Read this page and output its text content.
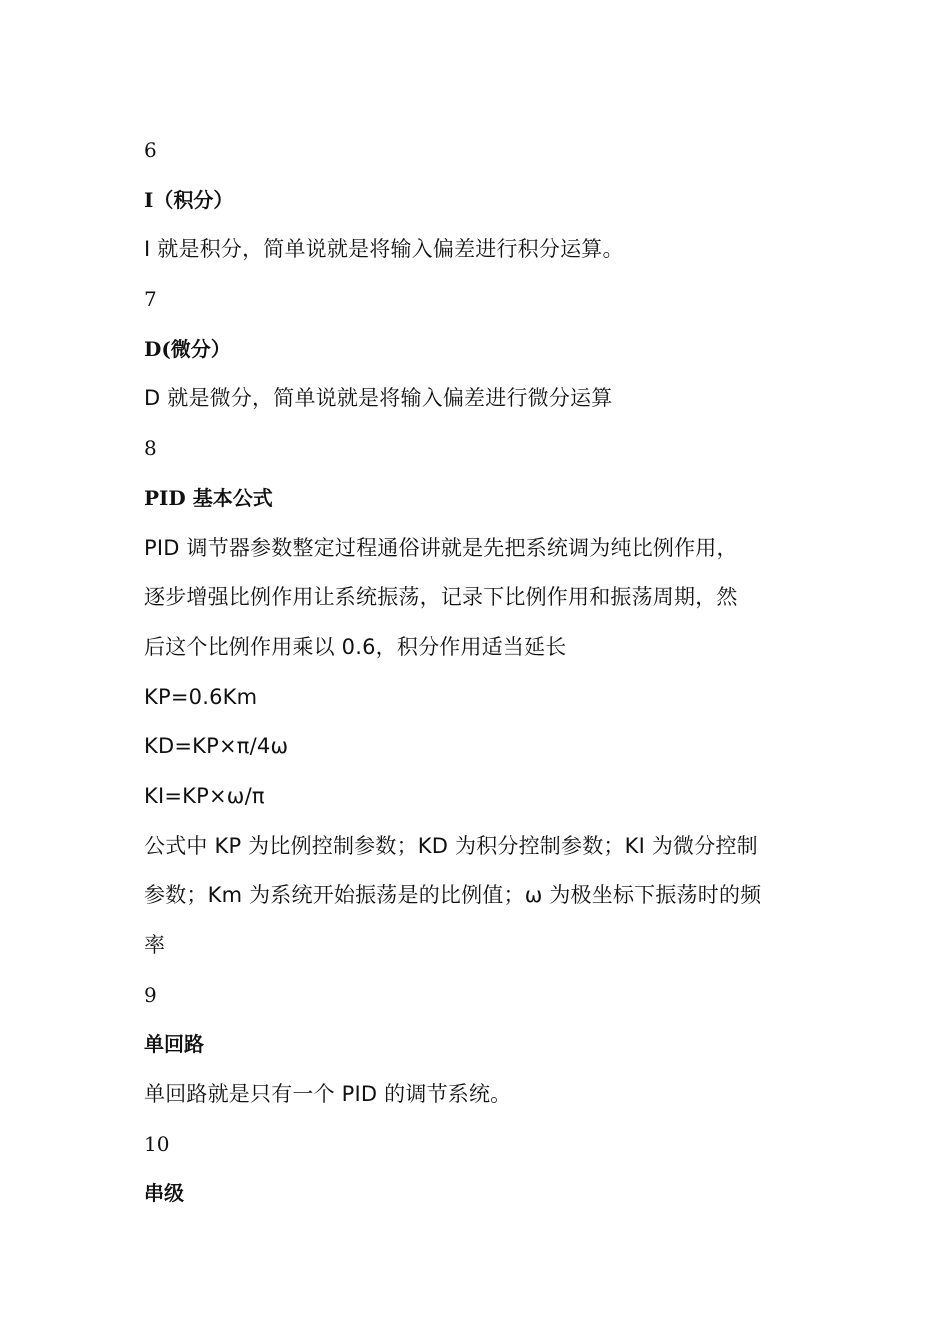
6
I（积分）
I 就是积分，简单说就是将输入偏差进行积分运算。
7
D(微分）
D 就是微分，简单说就是将输入偏差进行微分运算
8
PID 基本公式
PID 调节器参数整定过程通俗讲就是先把系统调为纯比例作用，
逐步增强比例作用让系统振荡，记录下比例作用和振荡周期，然
后这个比例作用乘以 0.6，积分作用适当延长
KP=0.6Km
KD=KP×π/4ω
KI=KP×ω/π
公式中 KP 为比例控制参数；KD 为积分控制参数；KI 为微分控制
参数；Km 为系统开始振荡是的比例值；ω 为极坐标下振荡时的频
率
9
单回路
单回路就是只有一个 PID 的调节系统。
10
串级
